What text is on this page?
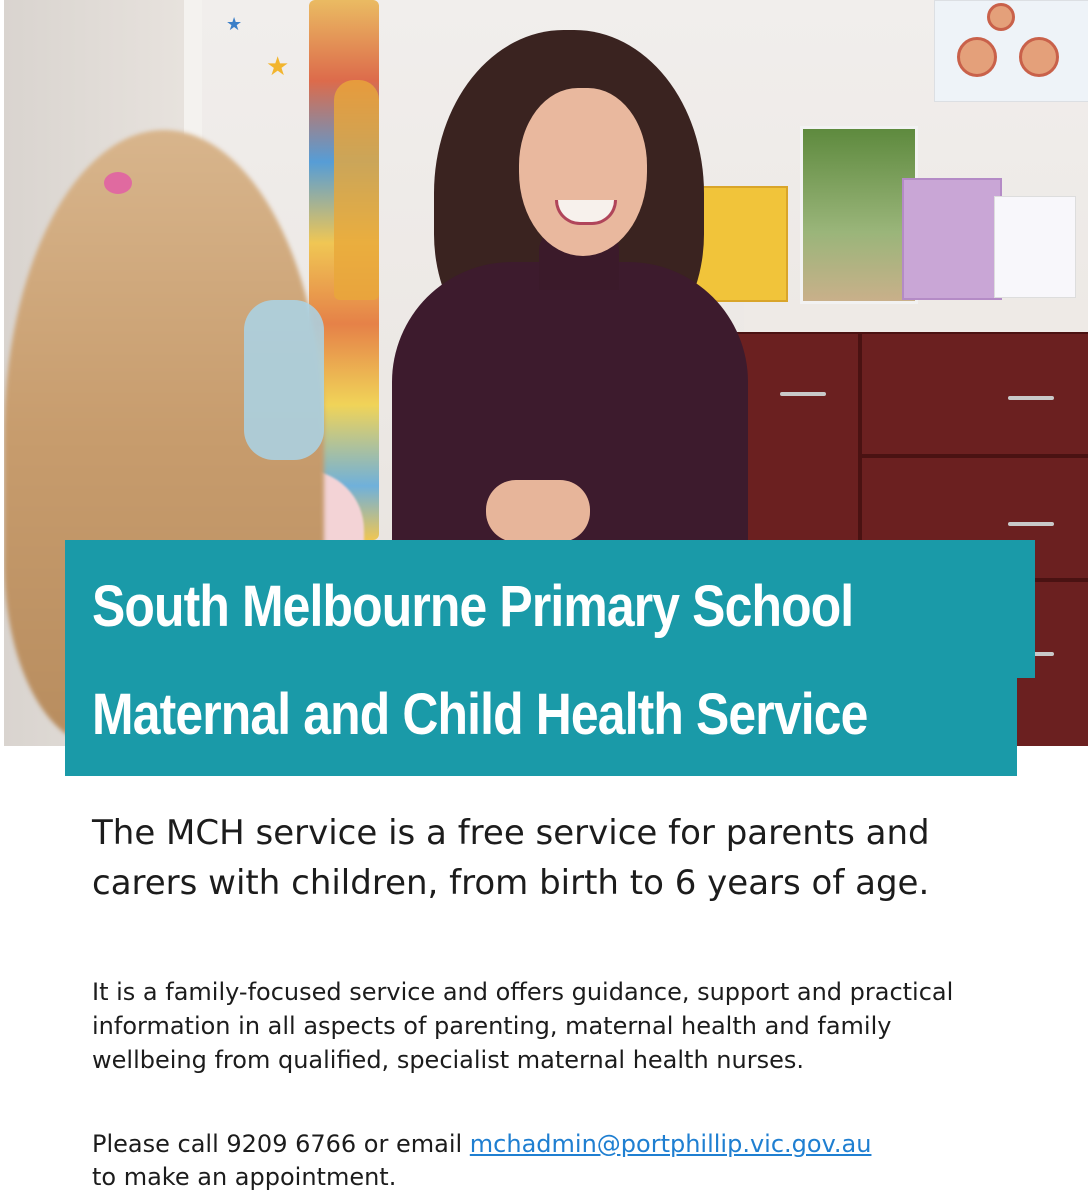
★
★
South Melbourne Primary School
Maternal and Child Health Service

The MCH service is a free service for parents and carers with children, from birth to 6 years of age.

It is a family-focused service and offers guidance, support and practical information in all aspects of parenting, maternal health and family wellbeing from qualified, specialist maternal health nurses.

Please call 9209 6766 or email mchadmin@portphillip.vic.gov.au
to make an appointment.
